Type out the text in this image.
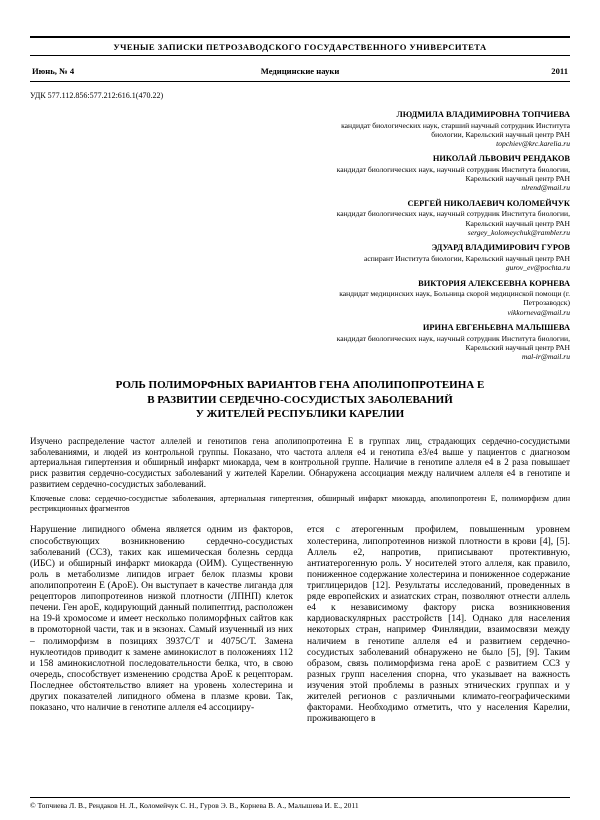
УЧЕНЫЕ ЗАПИСКИ ПЕТРОЗАВОДСКОГО ГОСУДАРСТВЕННОГО УНИВЕРСИТЕТА
Июнь, № 4	Медицинские науки	2011
УДК 577.112.856:577.212:616.1(470.22)
ЛЮДМИЛА ВЛАДИМИРОВНА ТОПЧИЕВА
кандидат биологических наук, старший научный сотрудник Института биологии, Карельский научный центр РАН
topchiev@krc.karelia.ru
НИКОЛАЙ ЛЬВОВИЧ РЕНДАКОВ
кандидат биологических наук, научный сотрудник Института биологии, Карельский научный центр РАН
nlrend@mail.ru
СЕРГЕЙ НИКОЛАЕВИЧ КОЛОМЕЙЧУК
кандидат биологических наук, научный сотрудник Института биологии, Карельский научный центр РАН
sergey_kolomeychuk@rambler.ru
ЭДУАРД ВЛАДИМИРОВИЧ ГУРОВ
аспирант Института биологии, Карельский научный центр РАН
gurov_ev@pochta.ru
ВИКТОРИЯ АЛЕКСЕЕВНА КОРНЕВА
кандидат медицинских наук, Больница скорой медицинской помощи (г. Петрозаводск)
vikkorneva@mail.ru
ИРИНА ЕВГЕНЬЕВНА МАЛЫШЕВА
кандидат биологических наук, научный сотрудник Института биологии, Карельский научный центр РАН
mal-ir@mail.ru
РОЛЬ ПОЛИМОРФНЫХ ВАРИАНТОВ ГЕНА АПОЛИПОПРОТЕИНА Е
В РАЗВИТИИ СЕРДЕЧНО-СОСУДИСТЫХ ЗАБОЛЕВАНИЙ
У ЖИТЕЛЕЙ РЕСПУБЛИКИ КАРЕЛИИ

Изучено распределение частот аллелей и генотипов гена аполипопротеина Е в группах лиц, страдающих сердечно-сосудистыми заболеваниями, и людей из контрольной группы. Показано, что частота аллеля е4 и генотипа е3/е4 выше у пациентов с диагнозом артериальная гипертензия и обширный инфаркт миокарда, чем в контрольной группе. Наличие в генотипе аллеля е4 в 2 раза повышает риск развития сердечно-сосудистых заболеваний у жителей Карелии. Обнаружена ассоциация между наличием аллеля е4 в генотипе и развитием сердечно-сосудистых заболеваний.

Ключевые слова: сердечно-сосудистые заболевания, артериальная гипертензия, обширный инфаркт миокарда, аполипопротеин Е, полиморфизм длин рестрикционных фрагментов

Нарушение липидного обмена является одним из факторов, способствующих возникновению сердечно-сосудистых заболеваний (ССЗ), таких как ишемическая болезнь сердца (ИБС) и обширный инфаркт миокарда (ОИМ). Существенную роль в метаболизме липидов играет белок плазмы крови аполипопротеин Е (АроЕ). Он выступает в качестве лиганда для рецепторов липопротеинов низкой плотности (ЛПНП) клеток печени. Ген ароЕ, кодирующий данный полипептид, расположен на 19-й хромосоме и имеет несколько полиморфных сайтов как в промоторной части, так и в экзонах. Самый изученный из них – полиморфизм в позициях 3937С/Т и 4075С/Т. Замена нуклеотидов приводит к замене аминокислот в положениях 112 и 158 аминокислотной последовательности белка, что, в свою очередь, способствует изменению сродства АроЕ к рецепторам. Последнее обстоятельство влияет на уровень холестерина и других показателей липидного обмена в плазме крови. Так, показано, что наличие в генотипе аллеля е4 ассоцииру-
ется с атерогенным профилем, повышенным уровнем холестерина, липопротеинов низкой плотности в крови [4], [5]. Аллель е2, напротив, приписывают протективную, антиатерогенную роль. У носителей этого аллеля, как правило, пониженное содержание холестерина и пониженное содержание триглицеридов [12]. Результаты исследований, проведенных в ряде европейских и азиатских стран, позволяют отнести аллель е4 к независимому фактору риска возникновения кардиоваскулярных расстройств [14]. Однако для населения некоторых стран, например Финляндии, взаимосвязи между наличием в генотипе аллеля е4 и развитием сердечно-сосудистых заболеваний обнаружено не было [5], [9]. Таким образом, связь полиморфизма гена ароЕ с развитием ССЗ у разных групп населения спорна, что указывает на важность изучения этой проблемы в разных этнических группах и у жителей регионов с различными климато-географическими факторами. Необходимо отметить, что у населения Карелии, проживающего в
© Топчиева Л. В., Рендаков Н. Л., Коломейчук С. Н., Гуров Э. В., Корнева В. А., Малышева И. Е., 2011
